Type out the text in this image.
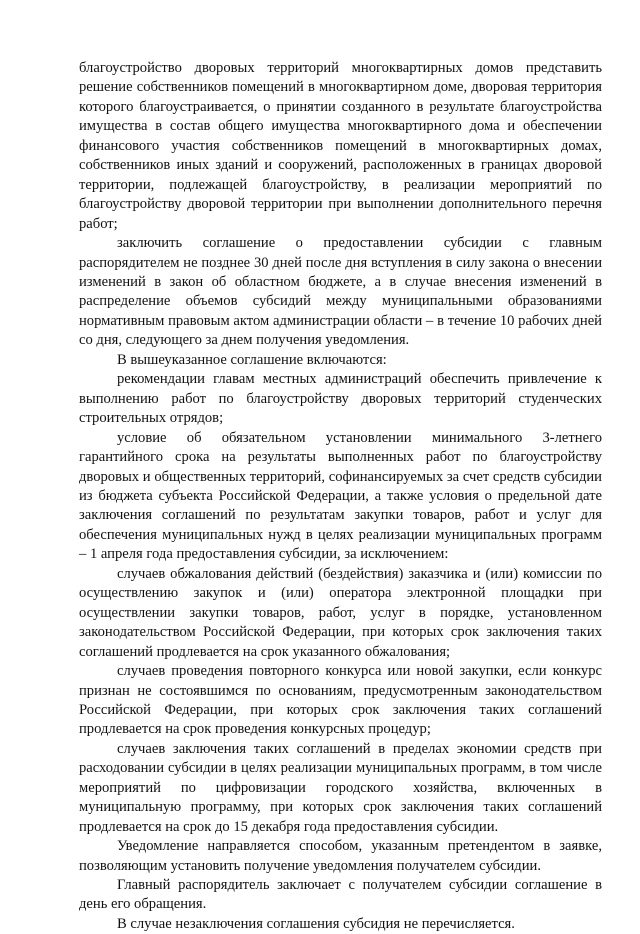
благоустройство дворовых территорий многоквартирных домов представить решение собственников помещений в многоквартирном доме, дворовая территория которого благоустраивается, о принятии созданного в результате благоустройства имущества в состав общего имущества многоквартирного дома и обеспечении финансового участия собственников помещений в многоквартирных домах, собственников иных зданий и сооружений, расположенных в границах дворовой территории, подлежащей благоустройству, в реализации мероприятий по благоустройству дворовой территории при выполнении дополнительного перечня работ;

заключить соглашение о предоставлении субсидии с главным распорядителем не позднее 30 дней после дня вступления в силу закона о внесении изменений в закон об областном бюджете, а в случае внесения изменений в распределение объемов субсидий между муниципальными образованиями нормативным правовым актом администрации области – в течение 10 рабочих дней со дня, следующего за днем получения уведомления.

В вышеуказанное соглашение включаются:

рекомендации главам местных администраций обеспечить привлечение к выполнению работ по благоустройству дворовых территорий студенческих строительных отрядов;

условие об обязательном установлении минимального 3-летнего гарантийного срока на результаты выполненных работ по благоустройству дворовых и общественных территорий, софинансируемых за счет средств субсидии из бюджета субъекта Российской Федерации, а также условия о предельной дате заключения соглашений по результатам закупки товаров, работ и услуг для обеспечения муниципальных нужд в целях реализации муниципальных программ – 1 апреля года предоставления субсидии, за исключением:

случаев обжалования действий (бездействия) заказчика и (или) комиссии по осуществлению закупок и (или) оператора электронной площадки при осуществлении закупки товаров, работ, услуг в порядке, установленном законодательством Российской Федерации, при которых срок заключения таких соглашений продлевается на срок указанного обжалования;

случаев проведения повторного конкурса или новой закупки, если конкурс признан не состоявшимся по основаниям, предусмотренным законодательством Российской Федерации, при которых срок заключения таких соглашений продлевается на срок проведения конкурсных процедур;

случаев заключения таких соглашений в пределах экономии средств при расходовании субсидии в целях реализации муниципальных программ, в том числе мероприятий по цифровизации городского хозяйства, включенных в муниципальную программу, при которых срок заключения таких соглашений продлевается на срок до 15 декабря года предоставления субсидии.

Уведомление направляется способом, указанным претендентом в заявке, позволяющим установить получение уведомления получателем субсидии.

Главный распорядитель заключает с получателем субсидии соглашение в день его обращения.

В случае незаключения соглашения субсидия не перечисляется.
